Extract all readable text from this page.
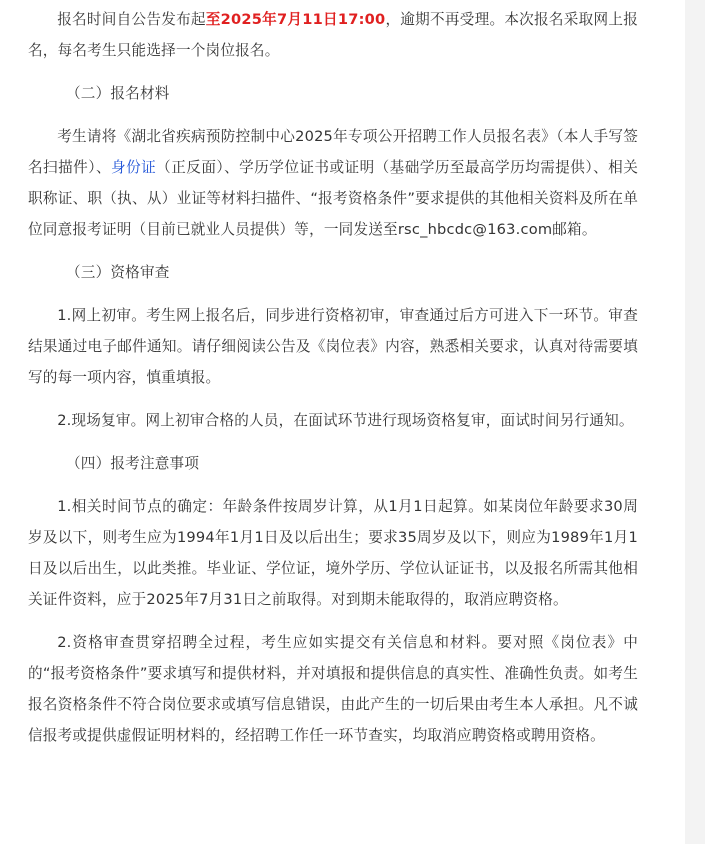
报名时间自公告发布起至2025年7月11日17:00，逾期不再受理。本次报名采取网上报名，每名考生只能选择一个岗位报名。

（二）报名材料

考生请将《湖北省疾病预防控制中心2025年专项公开招聘工作人员报名表》（本人手写签名扫描件）、身份证（正反面）、学历学位证书或证明（基础学历至最高学历均需提供）、相关职称证、职（执、从）业证等材料扫描件、“报考资格条件”要求提供的其他相关资料及所在单位同意报考证明（目前已就业人员提供）等，一同发送至rsc_hbcdc@163.com邮箱。

（三）资格审查

1.网上初审。考生网上报名后，同步进行资格初审，审查通过后方可进入下一环节。审查结果通过电子邮件通知。请仔细阅读公告及《岗位表》内容，熟悉相关要求，认真对待需要填写的每一项内容，慎重填报。

2.现场复审。网上初审合格的人员，在面试环节进行现场资格复审，面试时间另行通知。

（四）报考注意事项

1.相关时间节点的确定：年龄条件按周岁计算，从1月1日起算。如某岗位年龄要求30周岁及以下，则考生应为1994年1月1日及以后出生；要求35周岁及以下，则应为1989年1月1日及以后出生，以此类推。毕业证、学位证，境外学历、学位认证证书，以及报名所需其他相关证件资料，应于2025年7月31日之前取得。对到期未能取得的，取消应聘资格。

2.资格审查贯穿招聘全过程，考生应如实提交有关信息和材料。要对照《岗位表》中的“报考资格条件”要求填写和提供材料，并对填报和提供信息的真实性、准确性负责。如考生报名资格条件不符合岗位要求或填写信息错误，由此产生的一切后果由考生本人承担。凡不诚信报考或提供虚假证明材料的，经招聘工作任一环节查实，均取消应聘资格或聘用资格。
